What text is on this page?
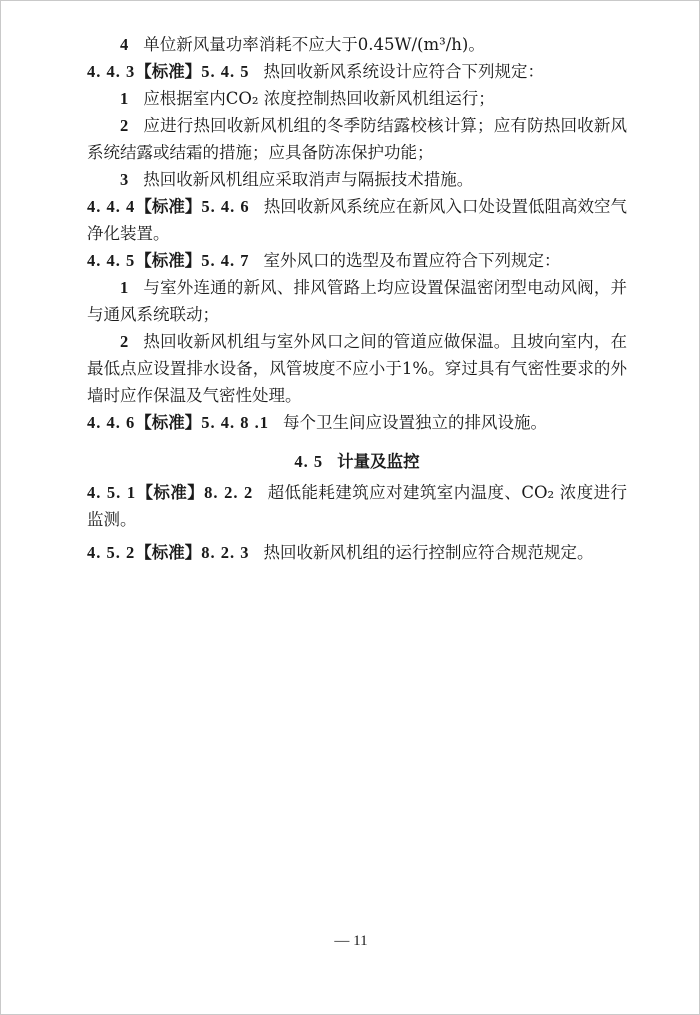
4 单位新风量功率消耗不应大于0.45W/(m³/h)。

4. 4. 3【标准】5. 4. 5 热回收新风系统设计应符合下列规定：

1 应根据室内CO₂ 浓度控制热回收新风机组运行；

2 应进行热回收新风机组的冬季防结露校核计算；应有防热回收新风系统结露或结霜的措施；应具备防冻保护功能；

3 热回收新风机组应采取消声与隔振技术措施。

4. 4. 4【标准】5. 4. 6 热回收新风系统应在新风入口处设置低阻高效空气净化装置。

4. 4. 5【标准】5. 4. 7 室外风口的选型及布置应符合下列规定：

1 与室外连通的新风、排风管路上均应设置保温密闭型电动风阀，并与通风系统联动；

2 热回收新风机组与室外风口之间的管道应做保温。且坡向室内，在最低点应设置排水设备，风管坡度不应小于1%。穿过具有气密性要求的外墙时应作保温及气密性处理。

4. 4. 6【标准】5. 4. 8 .1 每个卫生间应设置独立的排风设施。

4. 5 计量及监控

4. 5. 1【标准】8. 2. 2 超低能耗建筑应对建筑室内温度、CO₂ 浓度进行监测。

4. 5. 2【标准】8. 2. 3 热回收新风机组的运行控制应符合规范规定。

— 11
